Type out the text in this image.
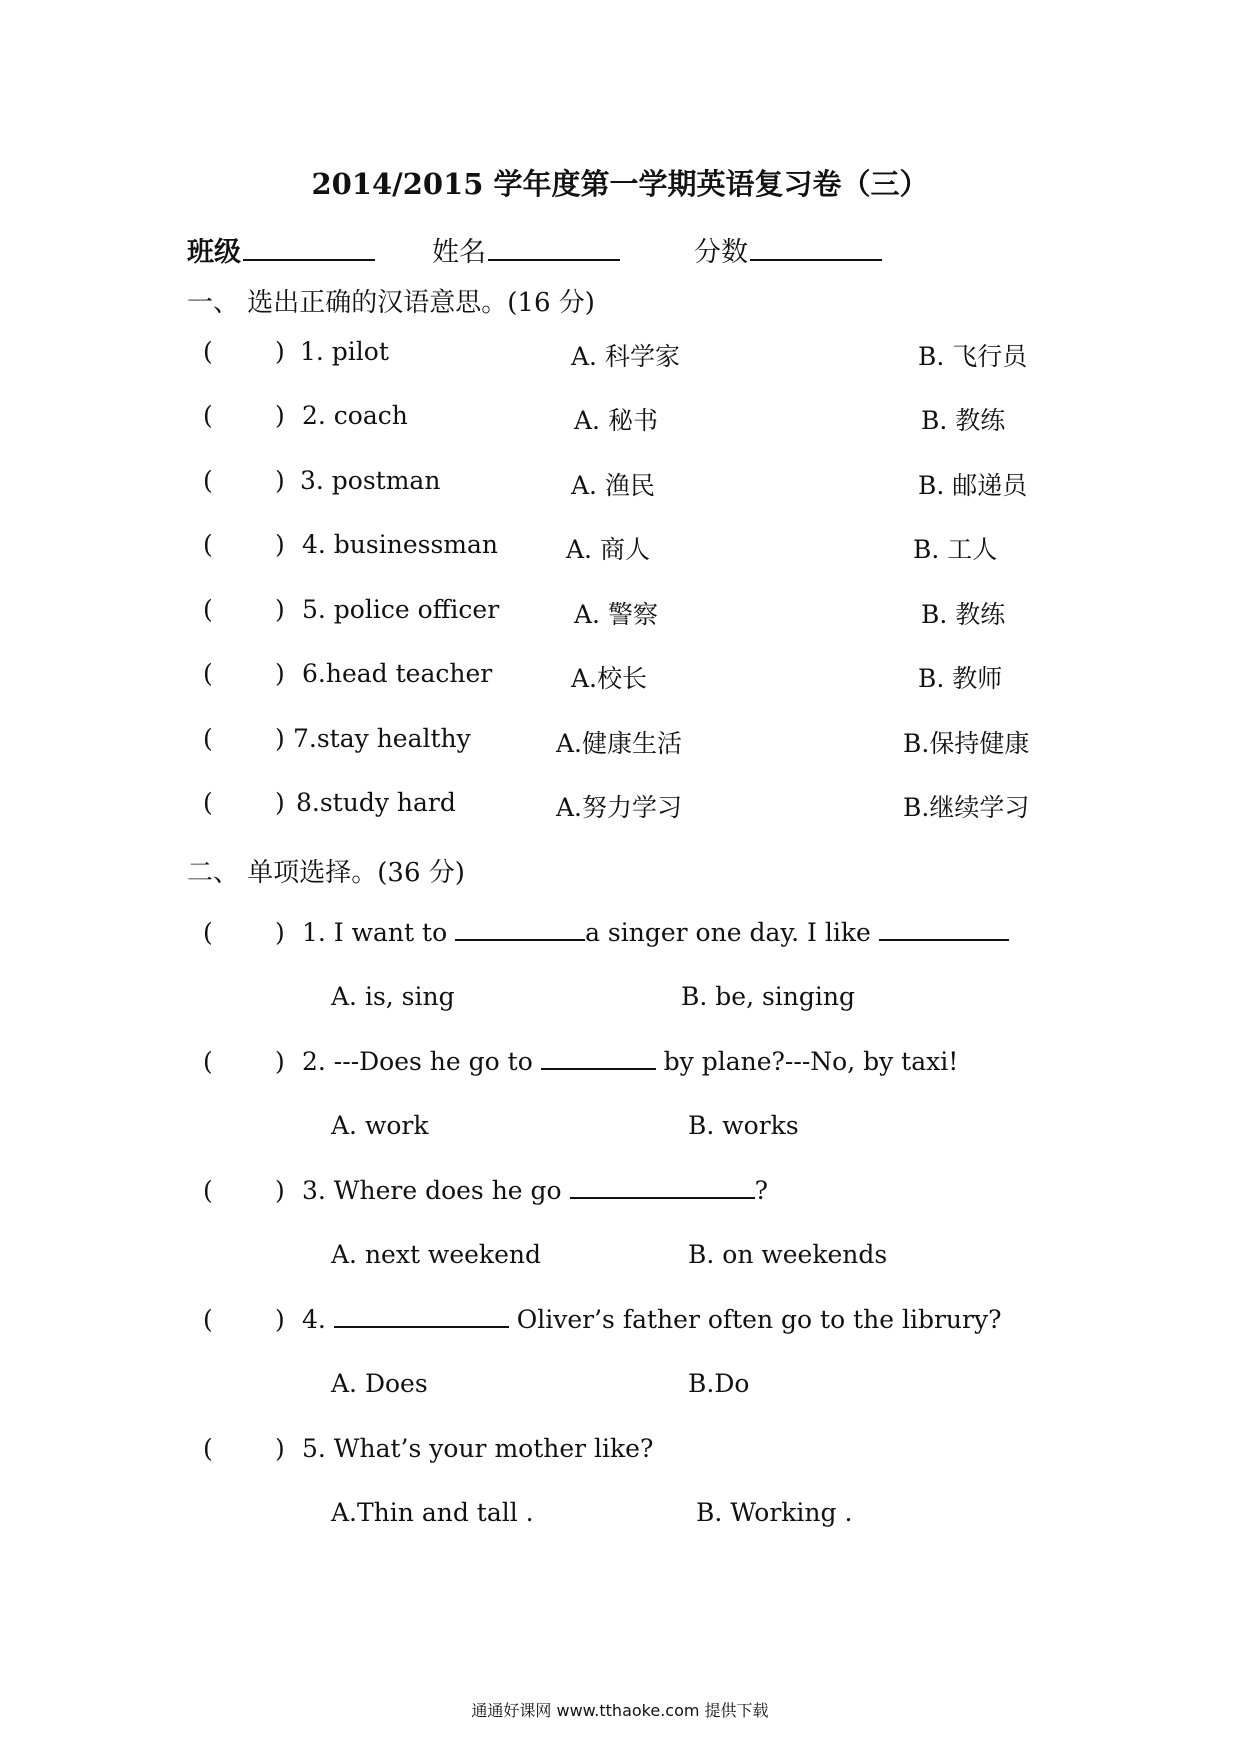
2014/2015 学年度第一学期英语复习卷（三）
班级	姓名	分数
一、 选出正确的汉语意思。(16 分)
( ) 1. pilot	A. 科学家	B. 飞行员
( ) 2. coach	A. 秘书	B. 教练
( ) 3. postman	A. 渔民	B. 邮递员
( ) 4. businessman	A. 商人	B. 工人
( ) 5. police officer	A. 警察	B. 教练
( ) 6.head teacher	A.校长	B. 教师
( ) 7.stay healthy	A.健康生活	B.保持健康
( ) 8.study hard	A.努力学习	B.继续学习
二、 单项选择。(36 分)
( ) 1. I want to	a singer one day. I like
A. is, sing	B. be, singing
( ) 2. ---Does he go to	by plane?---No, by taxi!
A. work	B. works
( ) 3. Where does he go	?
A. next weekend	B. on weekends
( ) 4.	Oliver’s father often go to the librury?
A. Does	B.Do
( ) 5. What’s your mother like?
A.Thin and tall .	B. Working .
通通好课网 www.tthaoke.com 提供下载
